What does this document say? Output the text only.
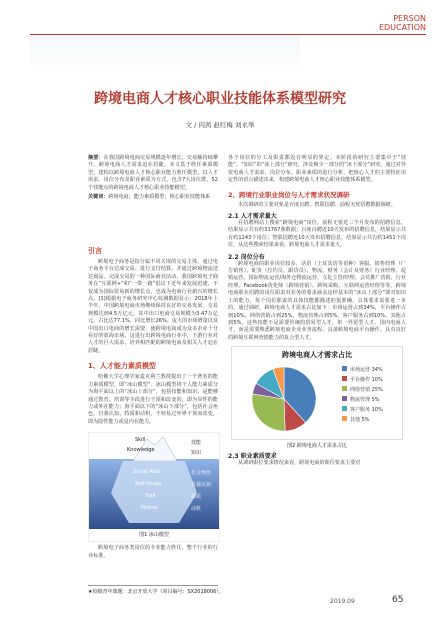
PERSON
EDUCATION
跨境电商人才核心职业技能体系模型研究
文 / 闪茜 赵红梅 刘永举
摘要：在我国跨境电商交易规模逐年增长、交易额持续攀升，跨境电商人才需求迫在眉睫。本文基于胜任素质模型，建构以跨境电商人才核心职业能力胜任模型。以人才需求、岗位分布及职业素质为方式，包含7大岗位群、52个技能点的跨境电商人才核心职业技能模型。
关键词：跨境电商；能力素质模型；核心职业技能体系
引言
跨境电子商务是指分属不同关境的交易主体，通过电子商务平台达成交易、进行支付结算，并通过跨境物流送达商品、完成交易的一种国际商业活动。我国跨境电子商务在“互联网+”和“一带一路”倡议下近年来发展迅速，不仅成为国际贸易新的增长点，也成为电商行业新兴的增长点。[1]根据电子商务研究中心监测数据显示：2018年上半年，中国跨境电商市场继续保持良好的交易发展，交易规模达到4.5万亿元，其中出口电商交易规模为3.47万亿元，占比达77.1%，同比增长26%。庞大的市场增量以及中国出口电商的增长需要，使跨境电商成为众多企业十分看好的蓝海市场。这进行出跨境电商行业中，下游行业对人才的巨大需求，培养相匹配的跨境电商及相关人才迫在眉睫。
1、人才能力素质模型
哈佛大学心理学家麦克利兰教授提出了一个著名的能力素质模型，即“冰山模型”。冰山模型将个人能力素质分为海平面以上的“冰山上部分”，包括技能和知识，是能够通过教育、培训等手段进行干预和改变的，即为显性的能力或外在能力；海平面以下的“冰山下部分”，包括社会角色、自我认知、特质和动机，不轻易过外界干预而改变，即为隐性能力或是内在能力。
Skill
Knowledge
Social Role
Self-Image
Trait
Motive
技能
知识
社会角色
自我认知
特质
动机
图1 冰山模型
跨境电子商务类岗位的专业能力胜任，整个行业的行业标准、
各个岗位的分工及职责都没有明显的界定。本阶段的研究主要集中于“技能”、“知识”的“冰上部分”研究，涉及极少一部分的“冰下部分”研究。通过对外贸电商人才需求、岗位分布、职业素质的进行分析，把核心人才的主要特征用定性的语言描述出来，构建跨境电商人才核心职业技能体系模型。
2、跨境行业职业岗位与人才需求状况调研
本次调研的主要对象是百度百聘、智联招聘、前程无忧招聘数据调研。
2.1 人才需求量大
在招聘网站上搜索“跨境电商”岗位，前程无忧近三个月发布的招聘信息，结果显示共有约31767条数据；百度百聘近10天发布的招聘信息，结果显示共有约1243个岗位；智联招聘近10天发布招聘信息，结果显示共有约1451个岗位，从这些搜索结果来看，跨境电商人才需求量大。
2.2 岗位分布
跨境电商的职业岗位较多，话语（土耳其语等语种）客服、销售经理（广告销售）、配货（拉钓员、跟货员）、物流、财务（会计及财务）行业经理、促销运营、国际物流运营/海外仓物流运营、文化主管/经理、会员推广营销、行业经理、Facebook优化师（跨境营销）、跨境采购、互联网运营经理等等。跨境电商职业招聘的岗位职责对业务的要求涵盖这样基本的“冰山上部分”即对知识上的能力，每个岗位职责的具体技能都描述的很准确，具体要求需要进一步的，通过调研，跨境电商人才需求占比如下：市场运营占到34%，平台操作占到10%，网络营销占到25%，物流管理占到5%，客户服务占到10%，其他占到5%，这些技能不是需要传统的贸易型人才，单一外贸型人才、国内电商人才，而是需要熟悉跨境电商企业业务流程、具备跨境电商平台操作、具有良好的跨境互联网营销能力的复合型人才。
跨境电商人才需求占比
市场运营 34%
平台操作 10%
网络营销 25%
物流管理 5%
客户服务 10%
其他 5%
图2 跨境电商人才需求占比
2.3 职业素质要求
从调研职位要求情况来看，跨境电商的职位要求主要对
★校级青年课题：北京开放大学（项目编号：SX2018006）。
2019.09	65
